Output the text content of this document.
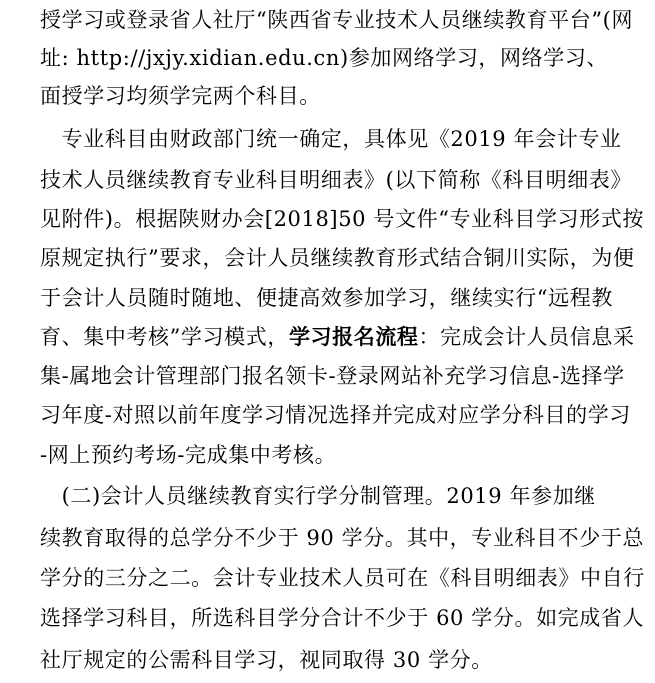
授学习或登录省人社厅“陕西省专业技术人员继续教育平台”(网
址: http://jxjy.xidian.edu.cn)参加网络学习，网络学习、
面授学习均须学完两个科目。
　专业科目由财政部门统一确定，具体见《2019 年会计专业
技术人员继续教育专业科目明细表》(以下简称《科目明细表》
见附件)。根据陕财办会[2018]50 号文件“专业科目学习形式按
原规定执行”要求，会计人员继续教育形式结合铜川实际，为便
于会计人员随时随地、便捷高效参加学习，继续实行“远程教
育、集中考核”学习模式，学习报名流程：完成会计人员信息采
集-属地会计管理部门报名领卡-登录网站补充学习信息-选择学
习年度-对照以前年度学习情况选择并完成对应学分科目的学习
-网上预约考场-完成集中考核。
　(二)会计人员继续教育实行学分制管理。2019 年参加继
续教育取得的总学分不少于 90 学分。其中，专业科目不少于总
学分的三分之二。会计专业技术人员可在《科目明细表》中自行
选择学习科目，所选科目学分合计不少于 60 学分。如完成省人
社厅规定的公需科目学习，视同取得 30 学分。
